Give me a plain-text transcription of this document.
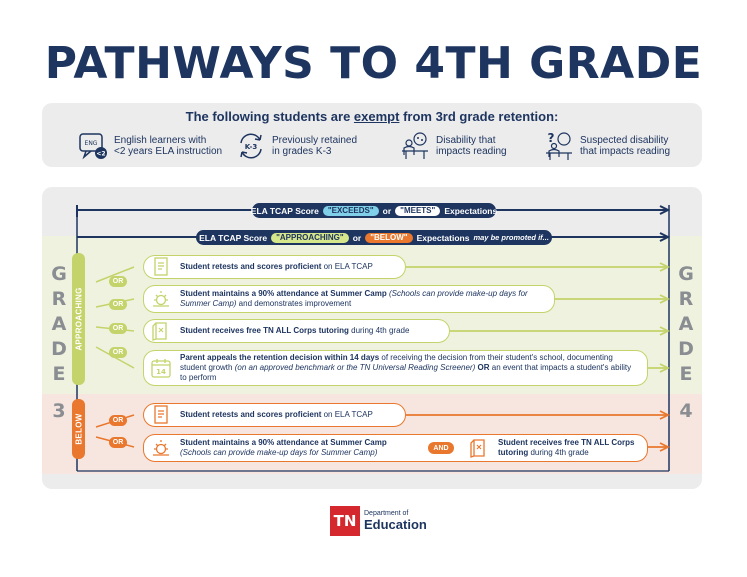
PATHWAYS TO 4TH GRADE
The following students are exempt from 3rd grade retention:
ENG
<2
English learners with
<2 years ELA instruction	K-3
Previously retained
in grades K-3
Disability that
impacts reading
?	Suspected disability
that impacts reading
ELA TCAP Score	"EXCEEDS"	or	"MEETS"	Expectations
ELA TCAP Score	"APPROACHING"	or	"BELOW"	Expectations may be promoted if...
APPROACHING
BELOW
OR
OR
OR
OR
Student retests and scores proficient on ELA TCAP
Student maintains a 90% attendance at Summer Camp (Schools can provide make-up days for Summer Camp) and demonstrates improvement
Student receives free TN ALL Corps tutoring during 4th grade
14
Parent appeals the retention decision within 14 days of receiving the decision from their student's school, documenting student growth (on an approved benchmark or the TN Universal Reading Screener) OR an event that impacts a student's ability to perform
OR
OR
Student retests and scores proficient on ELA TCAP
Student maintains a 90% attendance at Summer Camp
(Schools can provide make-up days for Summer Camp)
Student receives free TN ALL Corps tutoring during 4th grade
AND
G
R
A
D
E
3
G
R
A
D
E
4
TN	Department of
Education
